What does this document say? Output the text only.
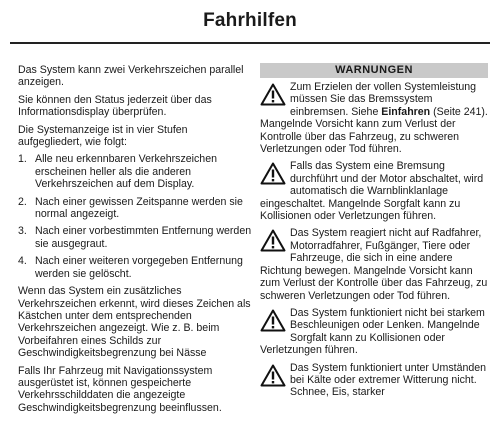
Fahrhilfen

Das System kann zwei Verkehrszeichen parallel anzeigen.

Sie können den Status jederzeit über das Informationsdisplay überprüfen.

Die Systemanzeige ist in vier Stufen aufgegliedert, wie folgt:

1. Alle neu erkennbaren Verkehrszeichen erscheinen heller als die anderen Verkehrszeichen auf dem Display.
2. Nach einer gewissen Zeitspanne werden sie normal angezeigt.
3. Nach einer vorbestimmten Entfernung werden sie ausgegraut.
4. Nach einer weiteren vorgegeben Entfernung werden sie gelöscht.

Wenn das System ein zusätzliches Verkehrszeichen erkennt, wird dieses Zeichen als Kästchen unter dem entsprechenden Verkehrszeichen angezeigt. Wie z. B. beim Vorbeifahren eines Schilds zur Geschwindigkeitsbegrenzung bei Nässe

Falls Ihr Fahrzeug mit Navigationssystem ausgerüstet ist, können gespeicherte Verkehrsschilddaten die angezeigte Geschwindigkeitsbegrenzung beeinflussen.

WARNUNGEN
Zum Erzielen der vollen Systemleistung müssen Sie das Bremssystem einbremsen. Siehe Einfahren (Seite 241). Mangelnde Vorsicht kann zum Verlust der Kontrolle über das Fahrzeug, zu schweren Verletzungen oder Tod führen.
Falls das System eine Bremsung durchführt und der Motor abschaltet, wird automatisch die Warnblinklanlage eingeschaltet. Mangelnde Sorgfalt kann zu Kollisionen oder Verletzungen führen.
Das System reagiert nicht auf Radfahrer, Motorradfahrer, Fußgänger, Tiere oder Fahrzeuge, die sich in eine andere Richtung bewegen. Mangelnde Vorsicht kann zum Verlust der Kontrolle über das Fahrzeug, zu schweren Verletzungen oder Tod führen.
Das System funktioniert nicht bei starkem Beschleunigen oder Lenken. Mangelnde Sorgfalt kann zu Kollisionen oder Verletzungen führen.
Das System funktioniert unter Umständen bei Kälte oder extremer Witterung nicht. Schnee, Eis, starker
